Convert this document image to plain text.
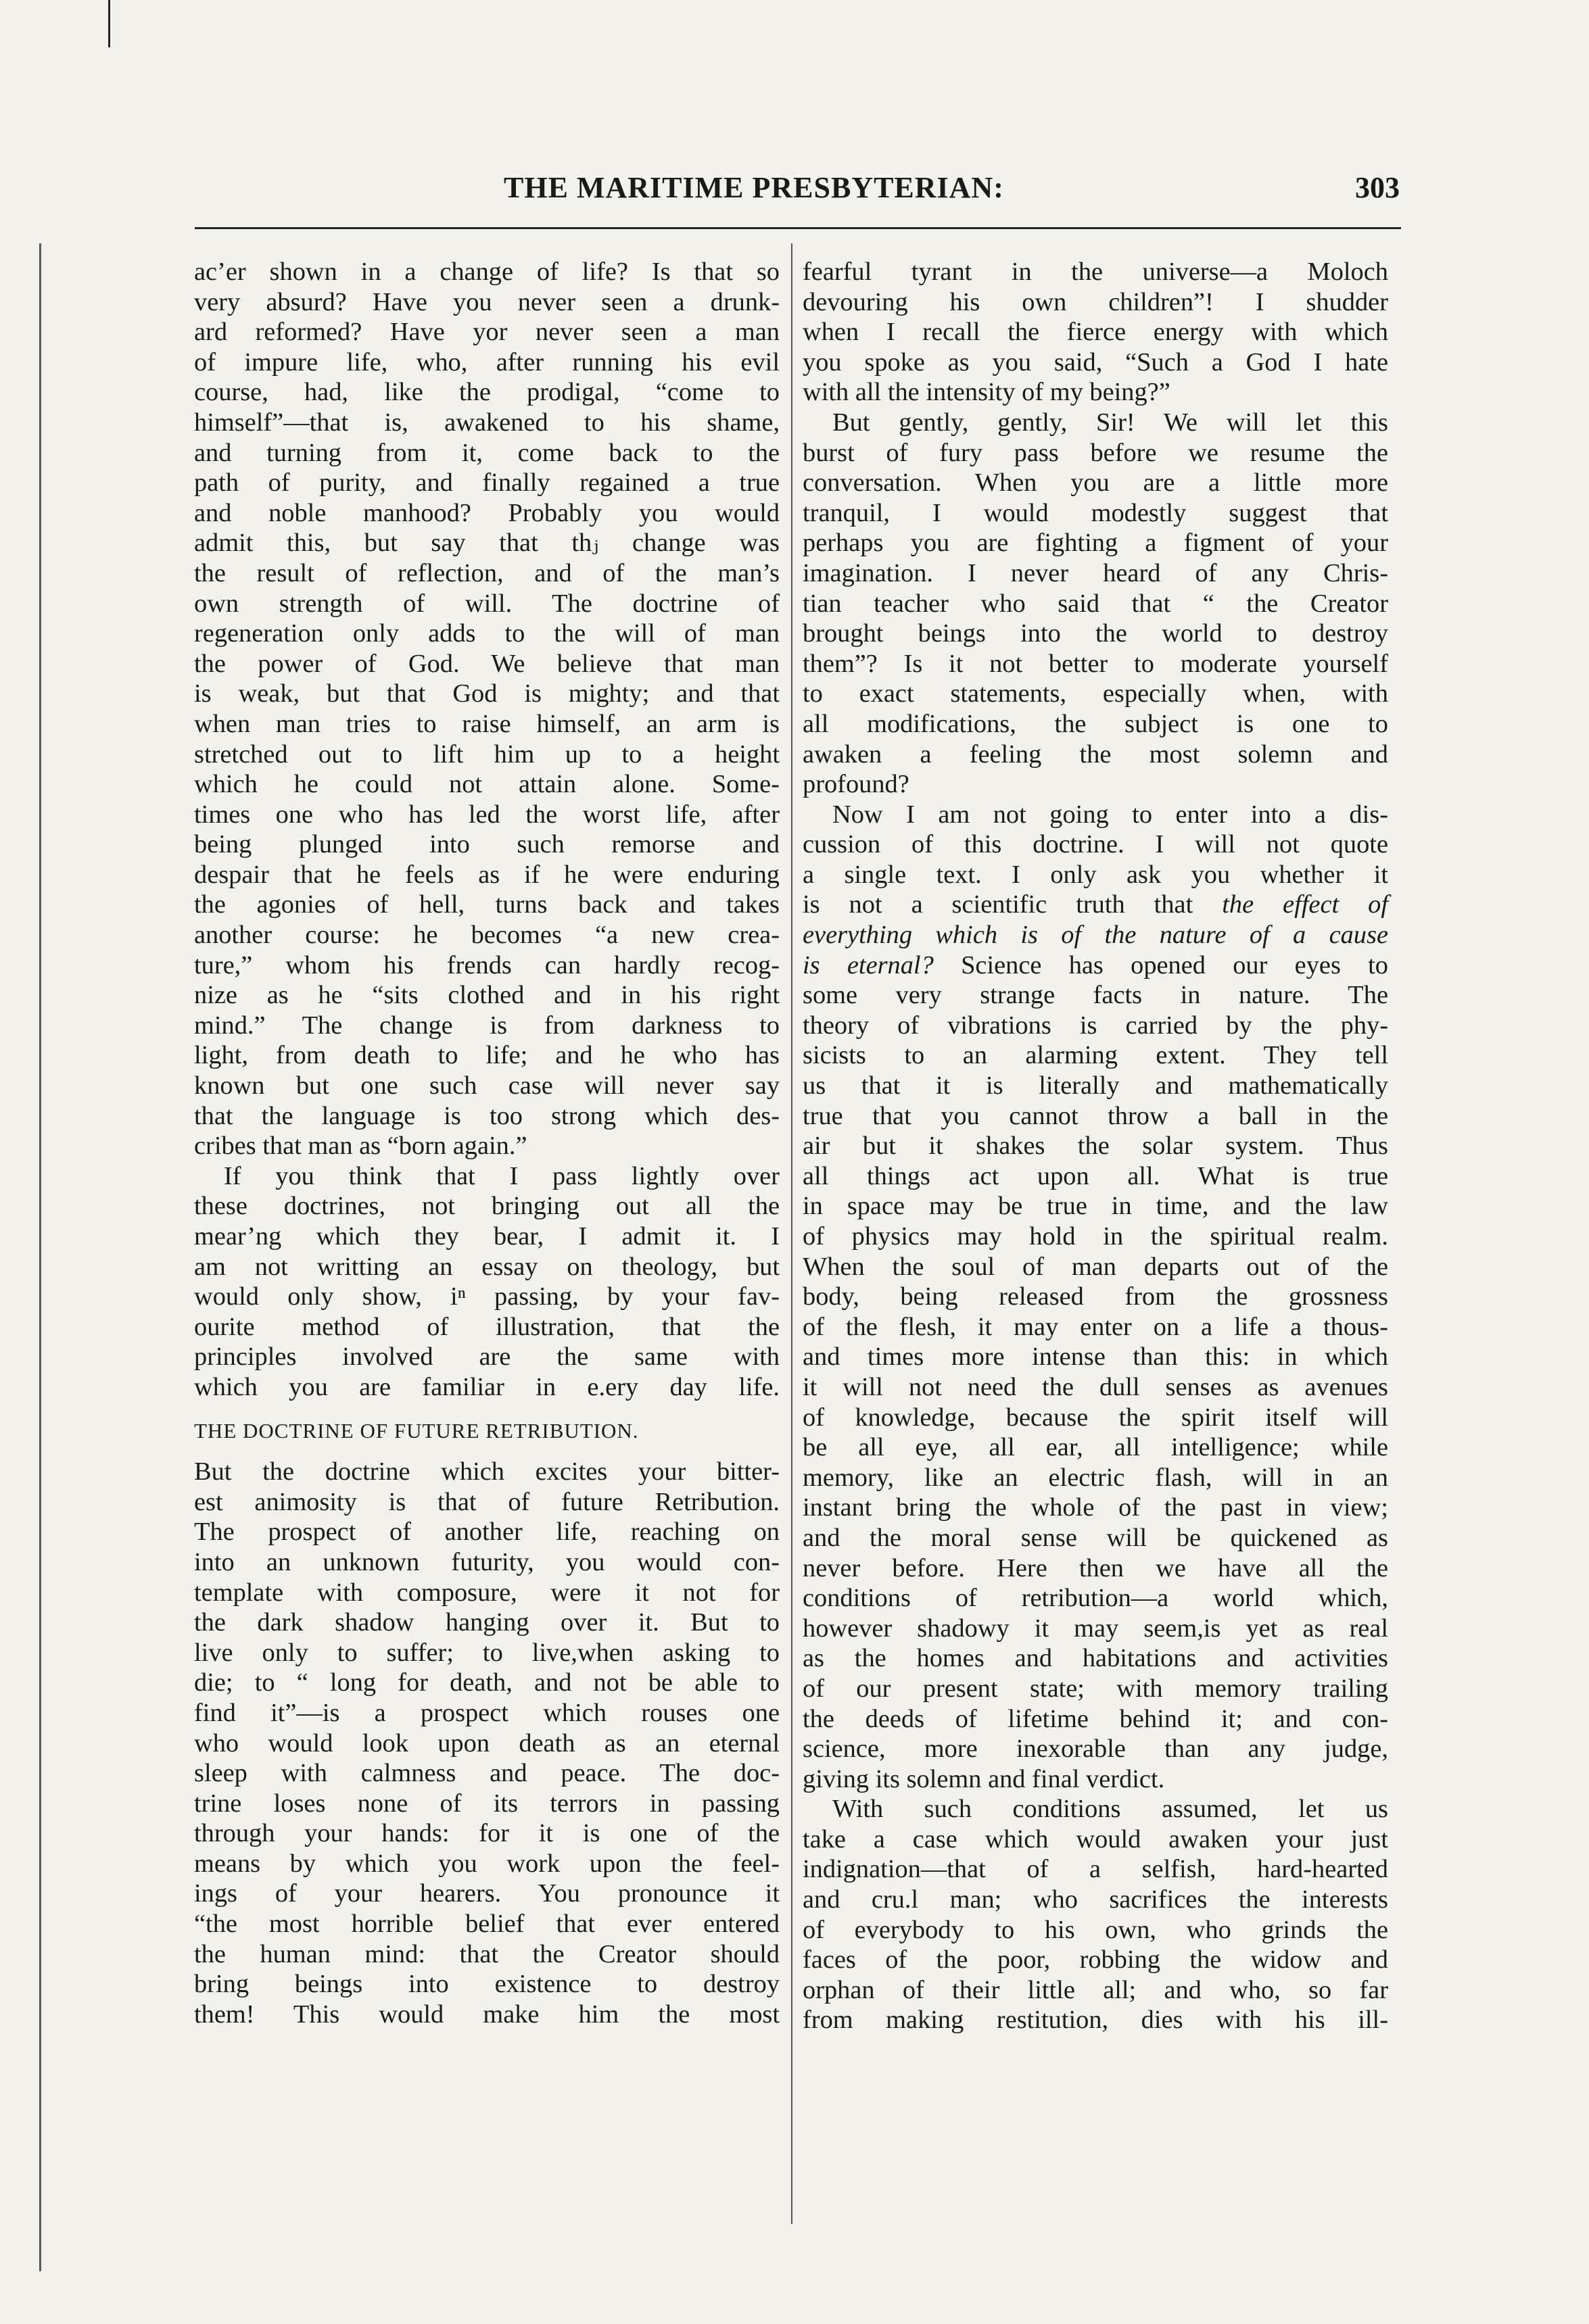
THE MARITIME PRESBYTERIAN:	303

ac’er shown in a change of life? Is that so
very absurd? Have you never seen a drunk-
ard reformed? Have yor never seen a man
of impure life, who, after running his evil
course, had, like the prodigal, “come to
himself”—that is, awakened to his shame,
and turning from it, come back to the
path of purity, and finally regained a true
and noble manhood? Probably you would
admit this, but say that thⱼ change was
the result of reflection, and of the man’s
own strength of will. The doctrine of
regeneration only adds to the will of man
the power of God. We believe that man
is weak, but that God is mighty; and that
when man tries to raise himself, an arm is
stretched out to lift him up to a height
which he could not attain alone. Some-
times one who has led the worst life, after
being plunged into such remorse and
despair that he feels as if he were enduring
the agonies of hell, turns back and takes
another course: he becomes “a new crea-
ture,” whom his frends can hardly recog-
nize as he “sits clothed and in his right
mind.” The change is from darkness to
light, from death to life; and he who has
known but one such case will never say
that the language is too strong which des-
cribes that man as “born again.”

If you think that I pass lightly over
these doctrines, not bringing out all the
mear’ng which they bear, I admit it. I
am not writting an essay on theology, but
would only show, iⁿ passing, by your fav-
ourite method of illustration, that the
principles involved are the same with
which you are familiar in e.ery day life.

THE DOCTRINE OF FUTURE RETRIBUTION.

But the doctrine which excites your bitter-
est animosity is that of future Retribution.
The prospect of another life, reaching on
into an unknown futurity, you would con-
template with composure, were it not for
the dark shadow hanging over it. But to
live only to suffer; to live,when asking to
die; to “ long for death, and not be able to
find it”—is a prospect which rouses one
who would look upon death as an eternal
sleep with calmness and peace. The doc-
trine loses none of its terrors in passing
through your hands: for it is one of the
means by which you work upon the feel-
ings of your hearers. You pronounce it
“the most horrible belief that ever entered
the human mind: that the Creator should
bring beings into existence to destroy
them! This would make him the most

fearful tyrant in the universe—a Moloch
devouring his own children”! I shudder
when I recall the fierce energy with which
you spoke as you said, “Such a God I hate
with all the intensity of my being?”

But gently, gently, Sir! We will let this
burst of fury pass before we resume the
conversation. When you are a little more
tranquil, I would modestly suggest that
perhaps you are fighting a figment of your
imagination. I never heard of any Chris-
tian teacher who said that “ the Creator
brought beings into the world to destroy
them”? Is it not better to moderate yourself
to exact statements, especially when, with
all modifications, the subject is one to
awaken a feeling the most solemn and
profound?

Now I am not going to enter into a dis-
cussion of this doctrine. I will not quote
a single text. I only ask you whether it
is not a scientific truth that the effect of
everything which is of the nature of a cause
is eternal? Science has opened our eyes to
some very strange facts in nature. The
theory of vibrations is carried by the phy-
sicists to an alarming extent. They tell
us that it is literally and mathematically
true that you cannot throw a ball in the
air but it shakes the solar system. Thus
all things act upon all. What is true
in space may be true in time, and the law
of physics may hold in the spiritual realm.
When the soul of man departs out of the
body, being released from the grossness
of the flesh, it may enter on a life a thous-
and times more intense than this: in which
it will not need the dull senses as avenues
of knowledge, because the spirit itself will
be all eye, all ear, all intelligence; while
memory, like an electric flash, will in an
instant bring the whole of the past in view;
and the moral sense will be quickened as
never before. Here then we have all the
conditions of retribution—a world which,
however shadowy it may seem,is yet as real
as the homes and habitations and activities
of our present state; with memory trailing
the deeds of lifetime behind it; and con-
science, more inexorable than any judge,
giving its solemn and final verdict.

With such conditions assumed, let us
take a case which would awaken your just
indignation—that of a selfish, hard-hearted
and cru.l man; who sacrifices the interests
of everybody to his own, who grinds the
faces of the poor, robbing the widow and
orphan of their little all; and who, so far
from making restitution, dies with his ill-
